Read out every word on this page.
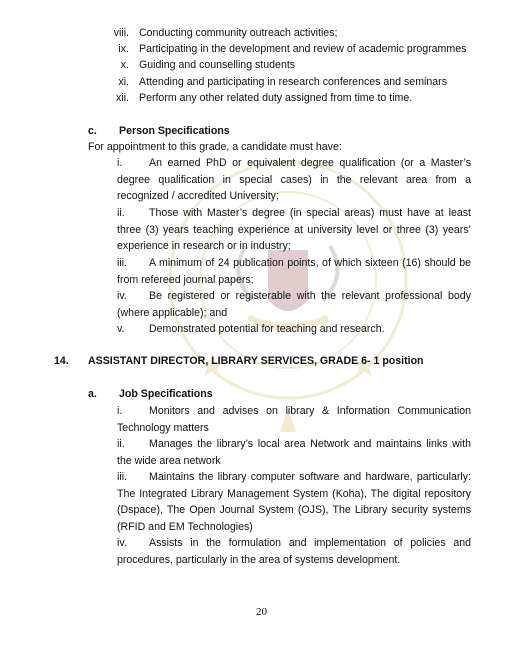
viii. Conducting community outreach activities;
ix. Participating in the development and review of academic programmes
x. Guiding and counselling students
xi. Attending and participating in research conferences and seminars
xii. Perform any other related duty assigned from time to time.
c. Person Specifications
For appointment to this grade, a candidate must have:
i.	An earned PhD or equivalent degree qualification (or a Master’s degree qualification in special cases) in the relevant area from a recognized / accredited University;
ii. Those with Master’s degree (in special areas) must have at least three (3) years teaching experience at university level or three (3) years’ experience in research or in industry;
iii. A minimum of 24 publication points, of which sixteen (16) should be from refereed journal papers;
iv. Be registered or registerable with the relevant professional body (where applicable); and
v. Demonstrated potential for teaching and research.
14. ASSISTANT DIRECTOR, LIBRARY SERVICES, GRADE 6- 1 position
a. Job Specifications
i.	Monitors and advises on library & Information Communication Technology matters
ii. Manages the library’s local area Network and maintains links with the wide area network
iii. Maintains the library computer software and hardware, particularly: The Integrated Library Management System (Koha), The digital repository (Dspace), The Open Journal System (OJS), The Library security systems (RFID and EM Technologies)
iv. Assists in the formulation and implementation of policies and procedures, particularly in the area of systems development.
20
